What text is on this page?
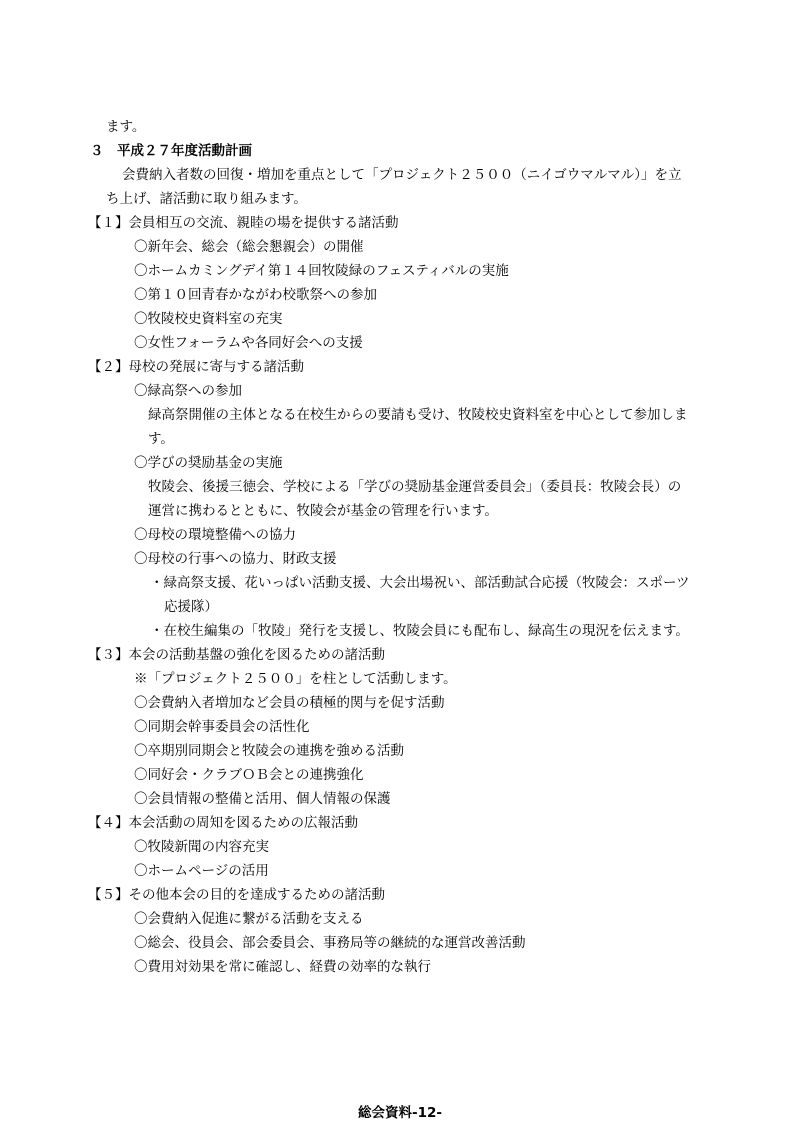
ます。
３　平成２７年度活動計画
会費納入者数の回復・増加を重点として「プロジェクト２５００（ニイゴウマルマル）」を立
ち上げ、諸活動に取り組みます。
【１】会員相互の交流、親睦の場を提供する諸活動
〇新年会、総会（総会懇親会）の開催
〇ホームカミングデイ第１４回牧陵緑のフェスティバルの実施
〇第１０回青春かながわ校歌祭への参加
〇牧陵校史資料室の充実
〇女性フォーラムや各同好会への支援
【２】母校の発展に寄与する諸活動
〇緑高祭への参加
緑高祭開催の主体となる在校生からの要請も受け、牧陵校史資料室を中心として参加しま
す。
〇学びの奨励基金の実施
牧陵会、後援三徳会、学校による「学びの奨励基金運営委員会」（委員長：牧陵会長）の
運営に携わるとともに、牧陵会が基金の管理を行います。
〇母校の環境整備への協力
〇母校の行事への協力、財政支援
・緑高祭支援、花いっぱい活動支援、大会出場祝い、部活動試合応援（牧陵会：スポーツ
応援隊）
・在校生編集の「牧陵」発行を支援し、牧陵会員にも配布し、緑高生の現況を伝えます。
【３】本会の活動基盤の強化を図るための諸活動
※「プロジェクト２５００」を柱として活動します。
〇会費納入者増加など会員の積極的関与を促す活動
〇同期会幹事委員会の活性化
〇卒期別同期会と牧陵会の連携を強める活動
〇同好会・クラブＯＢ会との連携強化
〇会員情報の整備と活用、個人情報の保護
【４】本会活動の周知を図るための広報活動
〇牧陵新聞の内容充実
〇ホームページの活用
【５】その他本会の目的を達成するための諸活動
〇会費納入促進に繋がる活動を支える
〇総会、役員会、部会委員会、事務局等の継続的な運営改善活動
〇費用対効果を常に確認し、経費の効率的な執行
総会資料-12-
